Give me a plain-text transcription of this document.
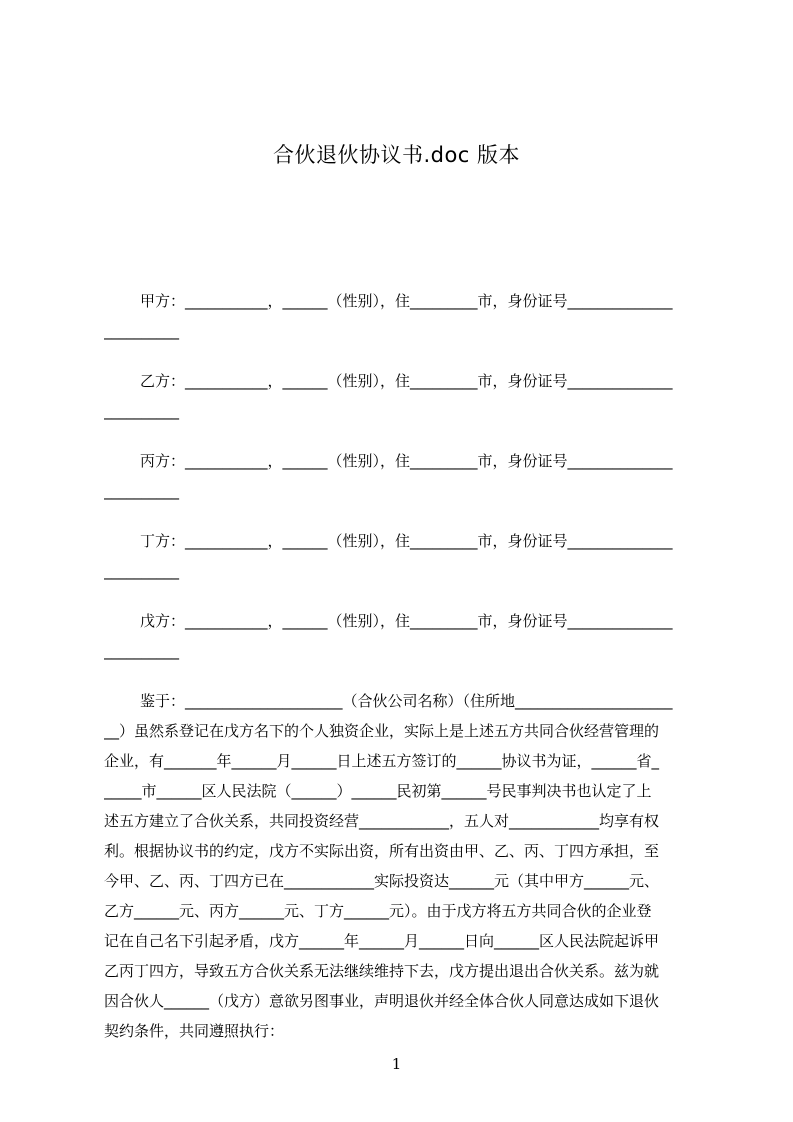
合伙退伙协议书.doc 版本
甲方：___________，______（性别），住_________市，身份证号______________
__________
乙方：___________，______（性别），住_________市，身份证号______________
__________
丙方：___________，______（性别），住_________市，身份证号______________
__________
丁方：___________，______（性别），住_________市，身份证号______________
__________
戊方：___________，______（性别），住_________市，身份证号______________
__________
鉴于：_____________________（合伙公司名称）（住所地_____________________
__）虽然系登记在戊方名下的个人独资企业，实际上是上述五方共同合伙经营管理的
企业，有_______年______月______日上述五方签订的______协议书为证，______省_
_____市______区人民法院（______）______民初第______号民事判决书也认定了上
述五方建立了合伙关系，共同投资经营____________，五人对____________均享有权
利。根据协议书的约定，戊方不实际出资，所有出资由甲、乙、丙、丁四方承担，至
今甲、乙、丙、丁四方已在____________实际投资达______元（其中甲方______元、
乙方______元、丙方______元、丁方______元）。由于戊方将五方共同合伙的企业登
记在自己名下引起矛盾，戊方______年______月______日向______区人民法院起诉甲
乙丙丁四方，导致五方合伙关系无法继续维持下去，戊方提出退出合伙关系。兹为就
因合伙人______（戊方）意欲另图事业，声明退伙并经全体合伙人同意达成如下退伙
契约条件，共同遵照执行：
1
